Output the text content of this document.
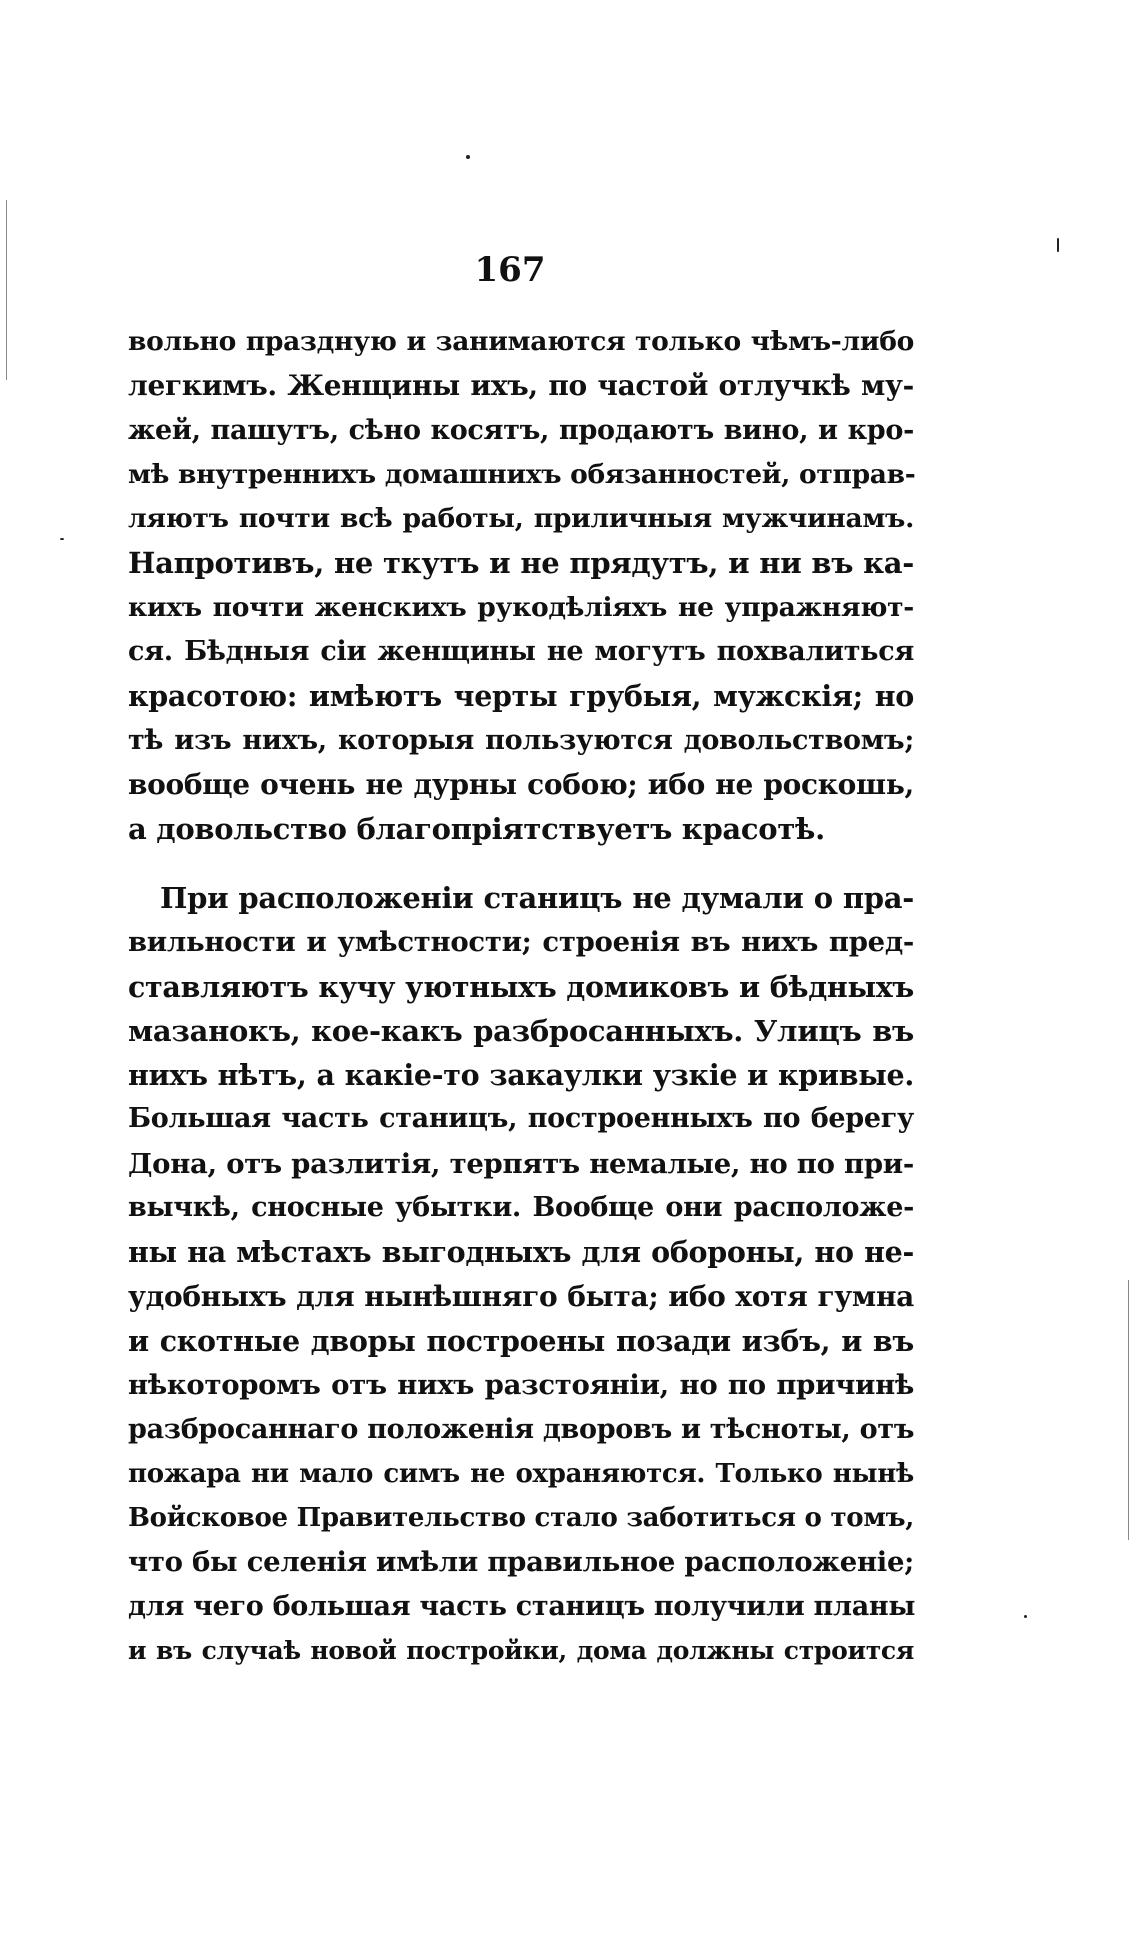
167
вольно праздную и занимаются только чѣмъ-либо
легкимъ. Женщины ихъ, по частой отлучкѣ му-
жей, пашутъ, сѣно косятъ, продаютъ вино, и кро-
мѣ внутреннихъ домашнихъ обязанностей, отправ-
ляютъ почти всѣ работы, приличныя мужчинамъ.
Напротивъ, не ткутъ и не прядутъ, и ни въ ка-
кихъ почти женскихъ рукодѣліяхъ не упражняют-
ся. Бѣдныя сіи женщины не могутъ похвалиться
красотою: имѣютъ черты грубыя, мужскія; но
тѣ изъ нихъ, которыя пользуются довольствомъ;
вообще очень не дурны собою; ибо не роскошь,
а довольство благопріятствуетъ красотѣ.
При расположеніи станицъ не думали о пра-
вильности и умѣстности; строенія въ нихъ пред-
ставляютъ кучу уютныхъ домиковъ и бѣдныхъ
мазанокъ, кое-какъ разбросанныхъ. Улицъ въ
нихъ нѣтъ, а какіе-то закаулки узкіе и кривые.
Большая часть станицъ, построенныхъ по берегу
Дона, отъ разлитія, терпятъ немалые, но по при-
вычкѣ, сносные убытки. Вообще они расположе-
ны на мѣстахъ выгодныхъ для обороны, но не-
удобныхъ для нынѣшняго быта; ибо хотя гумна
и скотные дворы построены позади избъ, и въ
нѣкоторомъ отъ нихъ разстояніи, но по причинѣ
разбросаннаго положенія дворовъ и тѣсноты, отъ
пожара ни мало симъ не охраняются. Только нынѣ
Войсковое Правительство стало заботиться о томъ,
что бы селенія имѣли правильное расположеніе;
для чего большая часть станицъ получили планы
и въ случаѣ новой постройки, дома должны строится
